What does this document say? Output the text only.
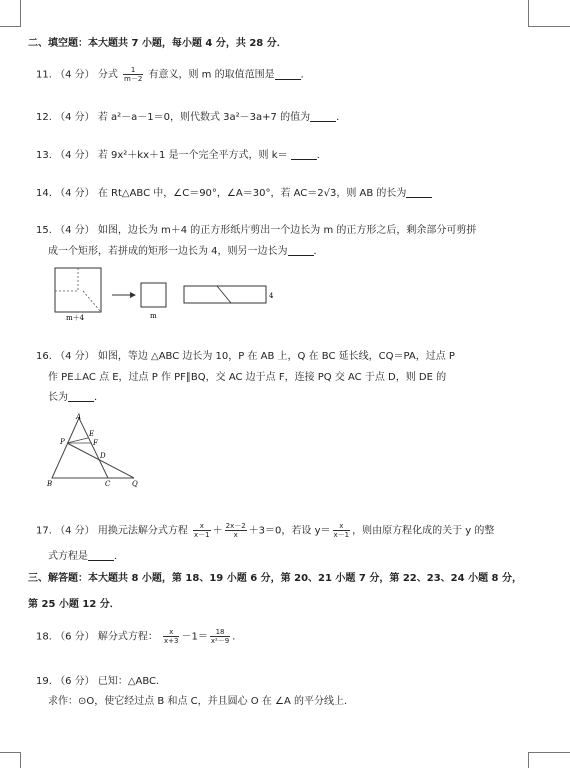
二、填空题：本大题共 7 小题，每小题 4 分，共 28 分．
11. （4 分） 分式 $\frac{1}{m-2}$ 有意义，则 m 的取值范围是	．
12. （4 分） 若 a²－a－1＝0，则代数式 3a²－3a+7 的值为	．
13. （4 分） 若 9x²＋kx＋1 是一个完全平方式，则 k＝	．
14. （4 分） 在 Rt△ABC 中，∠C＝90°，∠A＝30°，若 AC＝2√3，则 AB 的长为
15. （4 分） 如图，边长为 m＋4 的正方形纸片剪出一个边长为 m 的正方形之后，剩余部分可剪拼
成一个矩形，若拼成的矩形一边长为 4，则另一边长为	．
m＋4	m
4
16. （4 分） 如图，等边 △ABC 边长为 10，P 在 AB 上，Q 在 BC 延长线，CQ＝PA，过点 P
作 PE⊥AC 点 E，过点 P 作 PF∥BQ，交 AC 边于点 F，连接 PQ 交 AC 于点 D，则 DE 的
长为	．
A
P
E
F
D
B	C	Q
17. （4 分） 用换元法解分式方程 $\frac{x}{x-1} + \frac{2x-2}{x} +3=0$，若设 $y= \frac{x}{x-1}$ ，则由原方程化成的关于 y 的整
式方程是	．
三、解答题：本大题共 8 小题，第 18、19 小题 6 分，第 20、21 小题 7 分，第 22、23、24 小题 8 分，
第 25 小题 12 分．
18. （6 分） 解分式方程： $\frac{x}{x+3} -1= \frac{18}{\text{x²－9}}$ ．
19. （6 分） 已知：△ABC．
求作：⊙O，使它经过点 B 和点 C，并且圆心 O 在 ∠A 的平分线上．
